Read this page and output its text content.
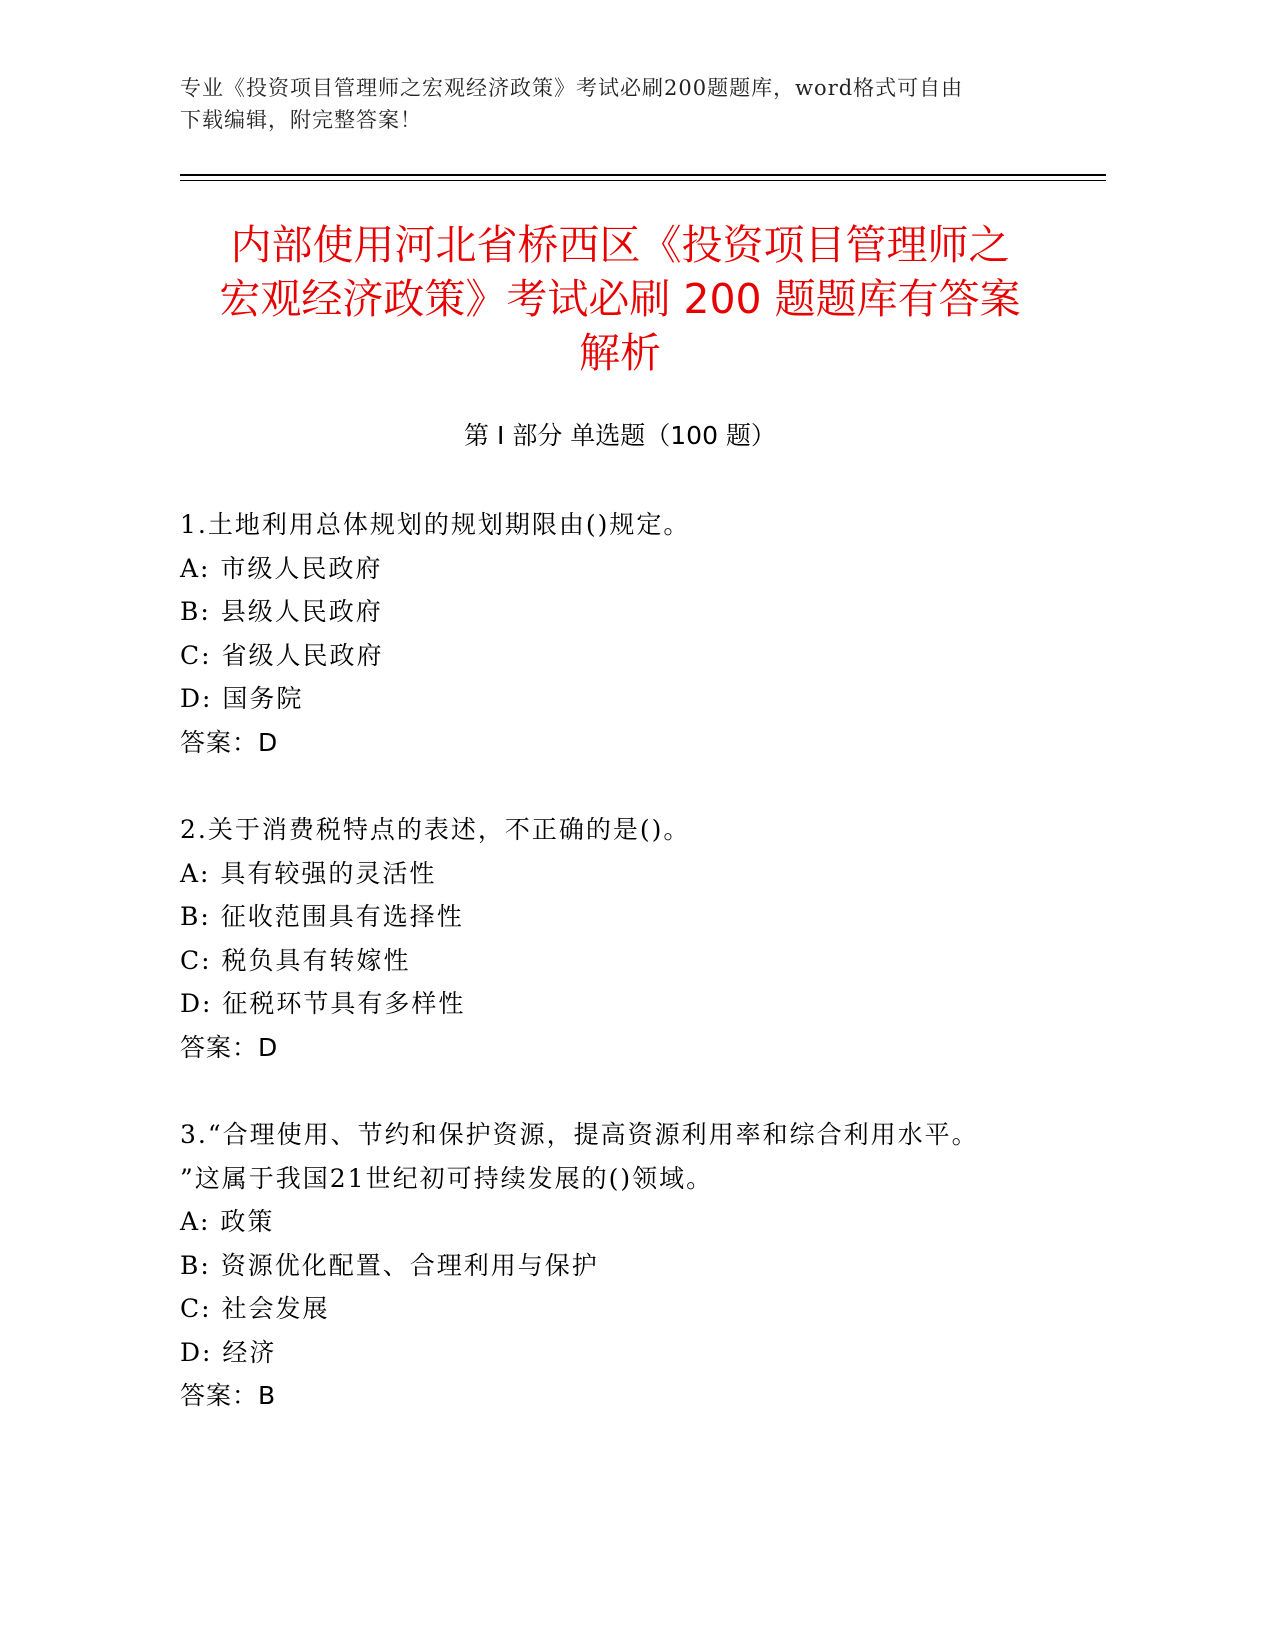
专业《投资项目管理师之宏观经济政策》考试必刷200题题库，word格式可自由
下载编辑，附完整答案！
内部使用河北省桥西区《投资项目管理师之
宏观经济政策》考试必刷 200 题题库有答案
解析
第 I 部分 单选题（100 题）
1.土地利用总体规划的规划期限由()规定。
A: 市级人民政府
B: 县级人民政府
C: 省级人民政府
D: 国务院
答案：D
2.关于消费税特点的表述，不正确的是()。
A: 具有较强的灵活性
B: 征收范围具有选择性
C: 税负具有转嫁性
D: 征税环节具有多样性
答案：D
3.“合理使用、节约和保护资源，提高资源利用率和综合利用水平。
”这属于我国21世纪初可持续发展的()领域。
A: 政策
B: 资源优化配置、合理利用与保护
C: 社会发展
D: 经济
答案：B
